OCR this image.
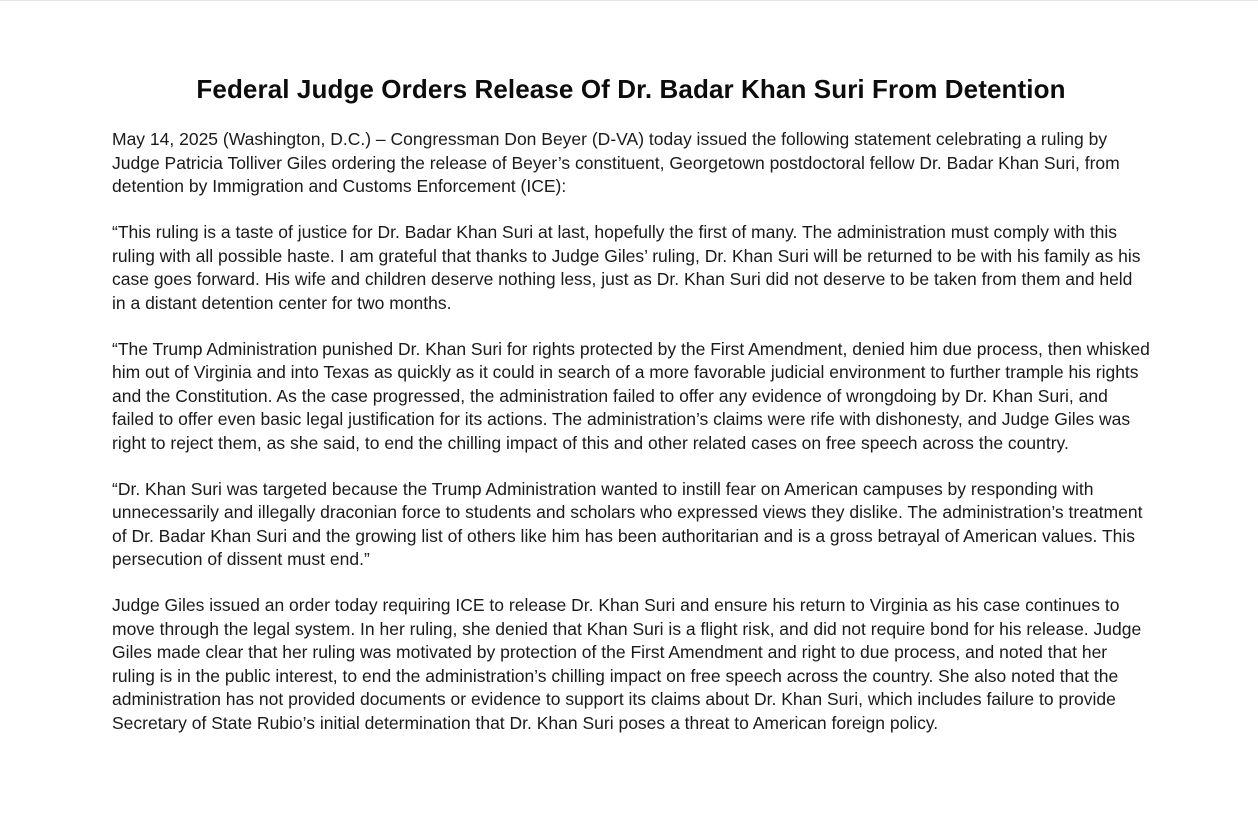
Federal Judge Orders Release Of Dr. Badar Khan Suri From Detention

May 14, 2025 (Washington, D.C.) – Congressman Don Beyer (D-VA) today issued the following statement celebrating a ruling by Judge Patricia Tolliver Giles ordering the release of Beyer’s constituent, Georgetown postdoctoral fellow Dr. Badar Khan Suri, from detention by Immigration and Customs Enforcement (ICE):

“This ruling is a taste of justice for Dr. Badar Khan Suri at last, hopefully the first of many. The administration must comply with this ruling with all possible haste. I am grateful that thanks to Judge Giles’ ruling, Dr. Khan Suri will be returned to be with his family as his case goes forward. His wife and children deserve nothing less, just as Dr. Khan Suri did not deserve to be taken from them and held in a distant detention center for two months.

“The Trump Administration punished Dr. Khan Suri for rights protected by the First Amendment, denied him due process, then whisked him out of Virginia and into Texas as quickly as it could in search of a more favorable judicial environment to further trample his rights and the Constitution. As the case progressed, the administration failed to offer any evidence of wrongdoing by Dr. Khan Suri, and failed to offer even basic legal justification for its actions. The administration’s claims were rife with dishonesty, and Judge Giles was right to reject them, as she said, to end the chilling impact of this and other related cases on free speech across the country.

“Dr. Khan Suri was targeted because the Trump Administration wanted to instill fear on American campuses by responding with unnecessarily and illegally draconian force to students and scholars who expressed views they dislike. The administration’s treatment of Dr. Badar Khan Suri and the growing list of others like him has been authoritarian and is a gross betrayal of American values. This persecution of dissent must end.”

Judge Giles issued an order today requiring ICE to release Dr. Khan Suri and ensure his return to Virginia as his case continues to move through the legal system. In her ruling, she denied that Khan Suri is a flight risk, and did not require bond for his release. Judge Giles made clear that her ruling was motivated by protection of the First Amendment and right to due process, and noted that her ruling is in the public interest, to end the administration’s chilling impact on free speech across the country. She also noted that the administration has not provided documents or evidence to support its claims about Dr. Khan Suri, which includes failure to provide Secretary of State Rubio’s initial determination that Dr. Khan Suri poses a threat to American foreign policy.
